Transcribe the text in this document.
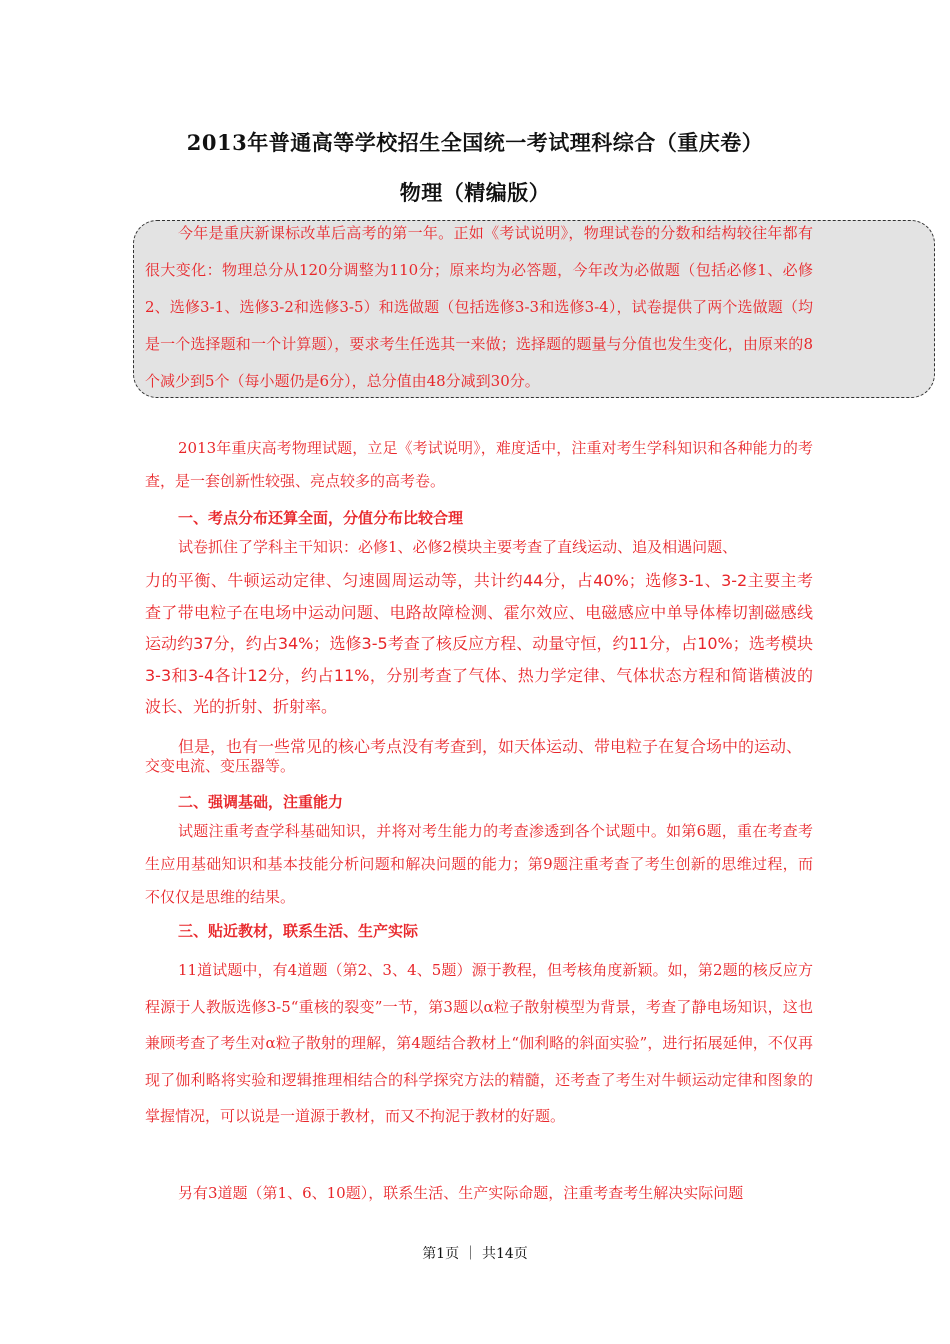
2013年普通高等学校招生全国统一考试理科综合（重庆卷）
物理（精编版）

今年是重庆新课标改革后高考的第一年。正如《考试说明》，物理试卷的分数和结构较往年都有很大变化：物理总分从120分调整为110分；原来均为必答题，今年改为必做题（包括必修1、必修2、选修3-1、选修3-2和选修3-5）和选做题（包括选修3-3和选修3-4），试卷提供了两个选做题（均是一个选择题和一个计算题），要求考生任选其一来做；选择题的题量与分值也发生变化，由原来的8个减少到5个（每小题仍是6分），总分值由48分减到30分。

2013年重庆高考物理试题，立足《考试说明》，难度适中，注重对考生学科知识和各种能力的考查，是一套创新性较强、亮点较多的高考卷。

一、考点分布还算全面，分值分布比较合理

试卷抓住了学科主干知识：必修1、必修2模块主要考查了直线运动、追及相遇问题、

力的平衡、牛顿运动定律、匀速圆周运动等，共计约44分，占40%；选修3-1、3-2主要主考查了带电粒子在电场中运动问题、电路故障检测、霍尔效应、电磁感应中单导体棒切割磁感线运动约37分，约占34%；选修3-5考查了核反应方程、动量守恒，约11分，占10%；选考模块3-3和3-4各计12分，约占11%，分别考查了气体、热力学定律、气体状态方程和简谐横波的波长、光的折射、折射率。

但是，也有一些常见的核心考点没有考查到，如天体运动、带电粒子在复合场中的运动、

交变电流、变压器等。

二、强调基础，注重能力

试题注重考查学科基础知识，并将对考生能力的考查渗透到各个试题中。如第6题，重在考查考生应用基础知识和基本技能分析问题和解决问题的能力；第9题注重考查了考生创新的思维过程，而不仅仅是思维的结果。

三、贴近教材，联系生活、生产实际

11道试题中，有4道题（第2、3、4、5题）源于教程，但考核角度新颖。如，第2题的核反应方程源于人教版选修3-5“重核的裂变”一节，第3题以α粒子散射模型为背景，考查了静电场知识，这也兼顾考查了考生对α粒子散射的理解，第4题结合教材上“伽利略的斜面实验”，进行拓展延伸，不仅再现了伽利略将实验和逻辑推理相结合的科学探究方法的精髓，还考查了考生对牛顿运动定律和图象的掌握情况，可以说是一道源于教材，而又不拘泥于教材的好题。

另有3道题（第1、6、10题），联系生活、生产实际命题，注重考查考生解决实际问题

第1页 ｜ 共14页
